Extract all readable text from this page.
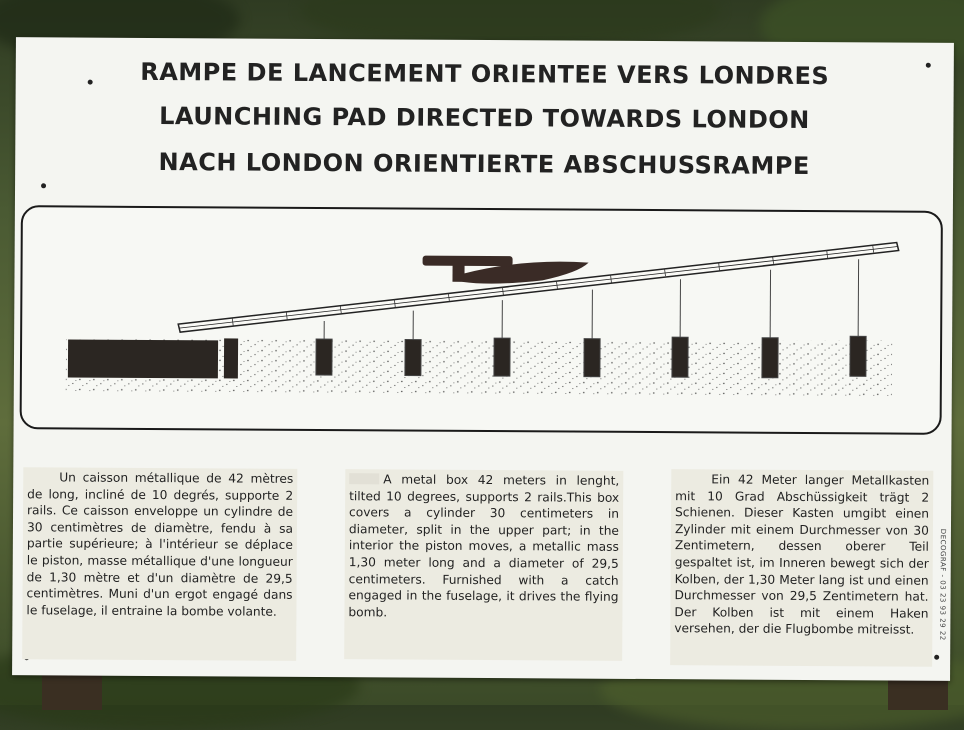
RAMPE DE LANCEMENT ORIENTEE VERS LONDRES
LAUNCHING PAD DIRECTED TOWARDS LONDON
NACH LONDON ORIENTIERTE ABSCHUSSRAMPE
Un caisson métallique de 42 mètres de long, incliné de 10 degrés, supporte 2 rails. Ce caisson enveloppe un cylindre de 30 centimètres de diamètre, fendu à sa partie supérieure; à l'intérieur se déplace le piston, masse métallique d'une longueur de 1,30 mètre et d'un diamètre de 29,5 centimètres. Muni d'un ergot engagé dans le fuselage, il entraine la bombe volante.
A metal box 42 meters in lenght, tilted 10 degrees, supports 2 rails.This box covers a cylinder 30 centimeters in diameter, split in the upper part; in the interior the piston moves, a metallic mass 1,30 meter long and a diameter of 29,5 centimeters. Furnished with a catch engaged in the fuselage, it drives the flying bomb.
Ein 42 Meter langer Metallkasten mit 10 Grad Abschüssigkeit trägt 2 Schienen. Dieser Kasten umgibt einen Zylinder mit einem Durchmesser von 30 Zentimetern, dessen oberer Teil gespaltet ist, im Inneren bewegt sich der Kolben, der 1,30 Meter lang ist und einen Durchmesser von 29,5 Zentimetern hat. Der Kolben ist mit einem Haken versehen, der die Flugbombe mitreisst.	DECOGRAF - 03 23 93 29 22
